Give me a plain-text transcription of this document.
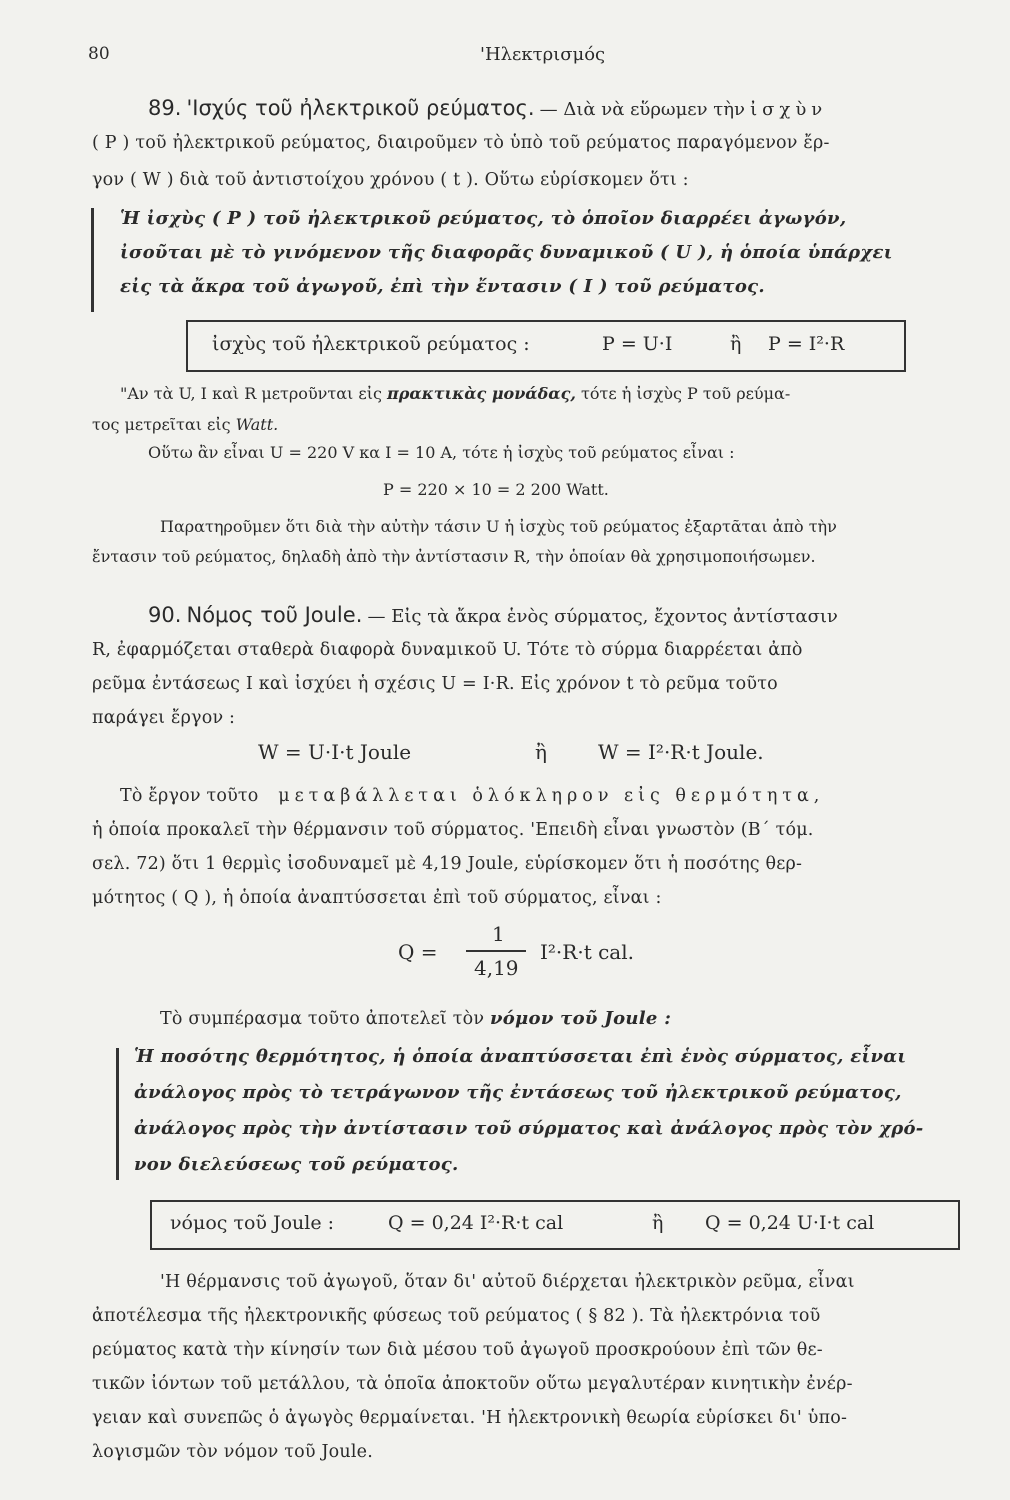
80	'Ηλεκτρισμός
89. 'Ισχύς τοῦ ἠλεκτρικοῦ ρεύματος. — Διὰ νὰ εὕρωμεν τὴν ἰσχὺν
( Ρ ) τοῦ ἠλεκτρικοῦ ρεύματος, διαιροῦμεν τὸ ὑπὸ τοῦ ρεύματος παραγόμενον ἔρ-
γον ( W ) διὰ τοῦ ἀντιστοίχου χρόνου ( t ). Οὕτω εὑρίσκομεν ὅτι :
Ἡ ἰσχὺς ( Ρ ) τοῦ ἠλεκτρικοῦ ρεύματος, τὸ ὁποῖον διαρρέει ἀγωγόν,
ἰσοῦται μὲ τὸ γινόμενον τῆς διαφορᾶς δυναμικοῦ ( U ), ἡ ὁποία ὑπάρχει
εἰς τὰ ἄκρα τοῦ ἀγωγοῦ, ἐπὶ τὴν ἔντασιν ( I ) τοῦ ρεύματος.
ἰσχὺς τοῦ ἠλεκτρικοῦ ρεύματος :	P = U·I	ἢ P = I²·R
"Αν τὰ U, I καὶ R μετροῦνται εἰς πρακτικὰς μονάδας, τότε ἡ ἰσχὺς P τοῦ ρεύμα-
τος μετρεῖται εἰς Watt.
Οὕτω ἂν εἶναι U = 220 V κα I = 10 A, τότε ἡ ἰσχὺς τοῦ ρεύματος εἶναι :
P = 220 × 10 = 2 200 Watt.
Παρατηροῦμεν ὅτι διὰ τὴν αὐτὴν τάσιν U ἡ ἰσχὺς τοῦ ρεύματος ἐξαρτᾶται ἀπὸ τὴν
ἔντασιν τοῦ ρεύματος, δηλαδὴ ἀπὸ τὴν ἀντίστασιν R, τὴν ὁποίαν θὰ χρησιμοποιήσωμεν.
90. Νόμος τοῦ Joule. — Εἰς τὰ ἄκρα ἑνὸς σύρματος, ἔχοντος ἀντίστασιν
R, ἐφαρμόζεται σταθερὰ διαφορὰ δυναμικοῦ U. Τότε τὸ σύρμα διαρρέεται ἀπὸ
ρεῦμα ἐντάσεως I καὶ ἰσχύει ἡ σχέσις U = I·R. Εἰς χρόνον t τὸ ρεῦμα τοῦτο
παράγει ἔργον :
W = U·I·t Joule	ἢ	W = I²·R·t Joule.
Τὸ ἔργον τοῦτο μεταβάλλεται ὁλόκληρον εἰς θερμότητα,
ἡ ὁποία προκαλεῖ τὴν θέρμανσιν τοῦ σύρματος. 'Επειδὴ εἶναι γνωστὸν (Β΄ τόμ.
σελ. 72) ὅτι 1 θερμὶς ἰσοδυναμεῖ μὲ 4,19 Joule, εὑρίσκομεν ὅτι ἡ ποσότης θερ-
μότητος ( Q ), ἡ ὁποία ἀναπτύσσεται ἐπὶ τοῦ σύρματος, εἶναι :
Q =
1
4,19
I²·R·t cal.
Τὸ συμπέρασμα τοῦτο ἀποτελεῖ τὸν νόμον τοῦ Joule :
Ἡ ποσότης θερμότητος, ἡ ὁποία ἀναπτύσσεται ἐπὶ ἑνὸς σύρματος, εἶναι
ἀνάλογος πρὸς τὸ τετράγωνον τῆς ἐντάσεως τοῦ ἠλεκτρικοῦ ρεύματος,
ἀνάλογος πρὸς τὴν ἀντίστασιν τοῦ σύρματος καὶ ἀνάλογος πρὸς τὸν χρό-
νον διελεύσεως τοῦ ρεύματος.
νόμος τοῦ Joule :	Q = 0,24 I²·R·t cal	ἢ Q = 0,24 U·I·t cal
'Η θέρμανσις τοῦ ἀγωγοῦ, ὅταν δι' αὐτοῦ διέρχεται ἠλεκτρικὸν ρεῦμα, εἶναι
ἀποτέλεσμα τῆς ἠλεκτρονικῆς φύσεως τοῦ ρεύματος ( § 82 ). Τὰ ἠλεκτρόνια τοῦ
ρεύματος κατὰ τὴν κίνησίν των διὰ μέσου τοῦ ἀγωγοῦ προσκρούουν ἐπὶ τῶν θε-
τικῶν ἰόντων τοῦ μετάλλου, τὰ ὁποῖα ἀποκτοῦν οὕτω μεγαλυτέραν κινητικὴν ἐνέρ-
γειαν καὶ συνεπῶς ὁ ἀγωγὸς θερμαίνεται. 'Η ἠλεκτρονικὴ θεωρία εὑρίσκει δι' ὑπο-
λογισμῶν τὸν νόμον τοῦ Joule.
